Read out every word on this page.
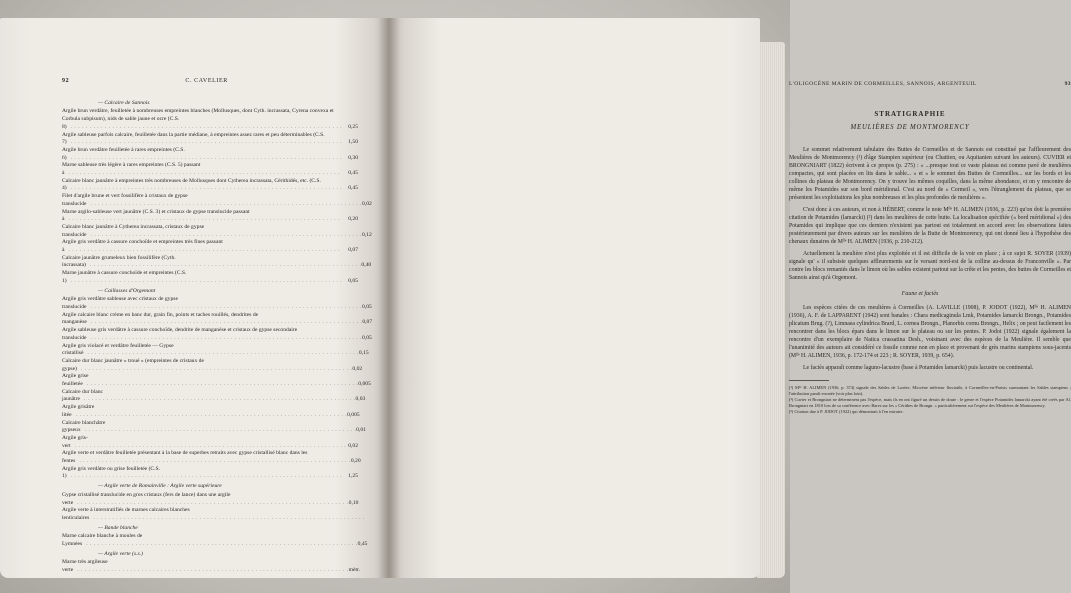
92	C. CAVELIER
— Calcaire de Sannois
Argile brun verdâtre, feuilletée à nombreuses empreintes blanches (Mollusques, dont Cyth. incrassata, Cyrena convexa et Corbula subpisum), nids de sable jaune et ocre (C.S. 8) . . .	0,25
Argile sableuse parfois calcaire, feuilletée dans la partie médiane, à empreintes assez rares et peu déterminables (C.S. 7) . . .	1,50
Argile brun verdâtre feuilletée à rares empreintes (C.S. 6) . . .	0,30
Marne sableuse très légère à rares empreintes (C.S. 5) passant à . . .	0,45
Calcaire blanc jaunâtre à empreintes très nombreuses de Mollusques dont Cytherea incrassata, Cérithidés, etc. (C.S. 4) . . .	0,45
Filet d'argile brune et vert fossilifère à cristaux de gypse translucide . . .	0,02
Marne argilo-sableuse vert jaunâtre (C.S. 3) et cristaux de gypse translucide passant à . . .	0,20
Calcaire blanc jaunâtre à Cytherea incrassata, cristaux de gypse translucide . . .	0,12
Argile gris verdâtre à cassure conchoïde et empreintes très fines passant à . . .	0,07
Calcaire jaunâtre grumeleux bien fossilifère (Cyth. incrassata) . . .	0,40
Marne jaunâtre à cassure conchoïde et empreintes (C.S. 1) . . .	0,05
— Caillasses d'Orgemont
Argile gris verdâtre sableuse avec cristaux de gypse translucide . . .	0,05
Argile calcaire blanc crème en banc dur, grain fin, points et taches rouillés, dendrites de manganèse . . .	0,07
Argile sableuse gris verdâtre à cassure conchoïde, dendrite de manganèse et cristaux de gypse secondaire translucide . . .	0,05
Argile gris violacé et verdâtre feuilletée — Gypse cristallisé . . .	0,15
Calcaire dur blanc jaunâtre « troué » (empreintes de cristaux de gypse) . . .	0,02
Argile grise feuilletée . . .	0,005
Calcaire dur blanc jaunâtre . . .	0,03
Argile grisâtre litée . . .	0,005
Calcaire blanchâtre gypseux . . .	0,01
Argile gris-vert . . .	0,02
Argile verte et verdâtre feuilletée présentant à la base de superbes retraits avec gypse cristallisé blanc dans les fentes . . .	0,20
Argile gris verdâtre ou grise feuilletée (C.S. 1) . . .	1,25
— Argile verte de Romainville : Argile verte supérieure
Gypse cristallisé translucide en gros cristaux (fers de lance) dans une argile verte . . .	0,10
Argile verte à interstratifiés de marnes calcaires blanches lenticulaires . . .
— Bande blanche
Marne calcaire blanche à moules de Lymnées . . .	0,45
— Argile verte (s.s.)
Marne très argileuse verte . . .	mètr.
L'OLIGOCÈNE MARIN DE CORMEILLES, SANNOIS, ARGENTEUIL	93
STRATIGRAPHIE
MEULIÈRES DE MONTMORENCY

Le sommet relativement tabulaire des Buttes de Cormeilles et de Sannois est constitué par l'affleurement des Meulières de Montmorency (¹) d'âge Stampien supérieur (ou Chattien, ou Aquitanien suivant les auteurs). CUVIER et BRONGNIART (1822) écrivent à ce propos (p. 275) : « ...presque tout ce vaste plateau est comme pavé de meulières compactes, qui sont placées en lits dans le sable... » et « le sommet des Buttes de Cormeilles... sur les bords et les collines du plateau de Montmorency. On y trouve les mêmes coquilles, dans la même abondance, et on y rencontre de même les Potamides sur son bord méridional. C'est au nord de « Cormeil », vers l'étranglement du plateau, que se présentent les exploitations les plus nombreuses et les plus profondes de meulières ».

C'est donc à ces auteurs, et non à HÉBERT, comme le note Mˡˡᵉ H. ALIMEN (1936, p. 223) qu'on doit la première citation de Potamides (lamarcki) (²) dans les meulières de cette butte. La localisation spécifiée (« bord méridional ») des Potamides qui implique que ces derniers n'existent pas partout est totalement en accord avec les observations faites postérieurement par divers auteurs sur les meulières de la Butte de Montmorency, qui ont donné lieu à l'hypothèse des chenaux dunaires de Mˡˡᵉ H. ALIMEN (1936, p. 210-212).

Actuellement la meulière n'est plus exploitée et il est difficile de la voir en place ; à ce sujet R. SOYER (1939) signale qu' « il subsiste quelques affleurements sur le versant nord-est de la colline au-dessus de Franconville ». Par contre les blocs remaniés dans le limon où les sables existent partout sur la crête et les pentes, des buttes de Cormeilles et Sannois ainsi qu'à Orgemont.

Faune et faciès

Les espèces citées de ces meulières à Cormeilles (A. LAVILLE (1908), P. JODOT (1922), Mˡˡᵉ H. ALIMEN (1936), A. F. de LAPPARENT (1942) sont banales : Chara medicaginula Lmk, Potamides lamarcki Brongn., Potamides plicatum Brug. (?), Limnaea cylindrica Brard, L. cornea Brongn., Planorbis cornu Brongn., Helix ; on peut facilement les rencontrer dans les blocs épars dans le limon sur le plateau ou sur les pentes. P. Jodot (1922) signale également la rencontre d'un exemplaire de Natica crassatina Desh., voisinant avec des espèces de la Meulière. Il semble que l'unanimité des auteurs ait considéré ce fossile comme non en place et provenant de grès marins stampiens sous-jacents (Mˡˡᵉ H. ALIMEN, 1936, p. 172-174 et 223 ; R. SOYER, 1939, p. 654).

Le faciès apparaît comme laguno-lacustre (base à Potamides lamarcki) puis lacustre ou continental.

(¹) Mˡˡᵉ H. ALIMEN (1936, p. 374) signale des Sables de Lozère, Miocène inférieur fluviatile, à Cormeilles-en-Parisis surmontant les Sables stampiens ; l'attribution paraît erronée (voir plus loin).

(²) Cuvier et Brongniart ne déterminent pas l'espèce, mais ils en ont figuré un dessin de doute : le genre et l'espèce Potamides lamarcki ayant été créés par Al. Brongniart en 1810 lors de sa conférence avec Bares sur les « Cérithes de Brongn. » particulièrement sur l'espèce des Meulières de Montmorency.

(³) Citation due à P. JODOT (1922) qui démontrait à l'en extraire.
